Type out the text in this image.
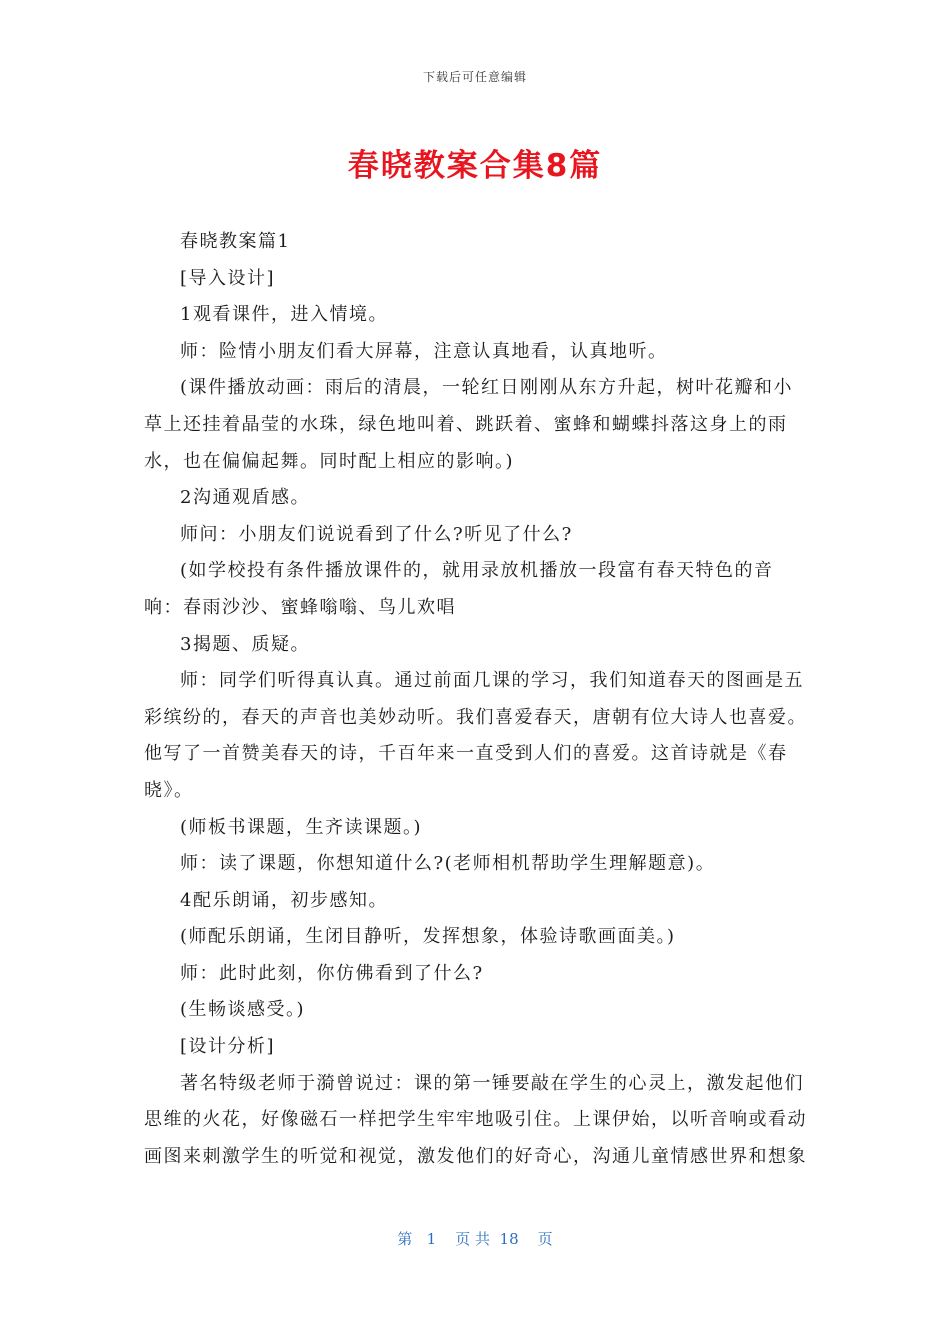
下载后可任意编辑
春晓教案合集8篇

春晓教案篇1

[导入设计]

1观看课件，进入情境。

师：险情小朋友们看大屏幕，注意认真地看，认真地听。

(课件播放动画：雨后的清晨，一轮红日刚刚从东方升起，树叶花瓣和小草上还挂着晶莹的水珠，绿色地叫着、跳跃着、蜜蜂和蝴蝶抖落这身上的雨水，也在偏偏起舞。同时配上相应的影响。)

2沟通观盾感。

师问：小朋友们说说看到了什么?听见了什么?

(如学校投有条件播放课件的，就用录放机播放一段富有春天特色的音响：春雨沙沙、蜜蜂嗡嗡、鸟儿欢唱

3揭题、质疑。

师：同学们听得真认真。通过前面几课的学习，我们知道春天的图画是五彩缤纷的，春天的声音也美妙动听。我们喜爱春天，唐朝有位大诗人也喜爱。他写了一首赞美春天的诗，千百年来一直受到人们的喜爱。这首诗就是《春晓》。

(师板书课题，生齐读课题。)

师：读了课题，你想知道什么?(老师相机帮助学生理解题意)。

4配乐朗诵，初步感知。

(师配乐朗诵，生闭目静听，发挥想象，体验诗歌画面美。)

师：此时此刻，你仿佛看到了什么?

(生畅谈感受。)

[设计分析]

著名特级老师于漪曾说过：课的第一锤要敲在学生的心灵上，激发起他们思维的火花，好像磁石一样把学生牢牢地吸引住。上课伊始，以听音响或看动画图来刺激学生的听觉和视觉，激发他们的好奇心，沟通儿童情感世界和想象

第   1    页 共  18    页
